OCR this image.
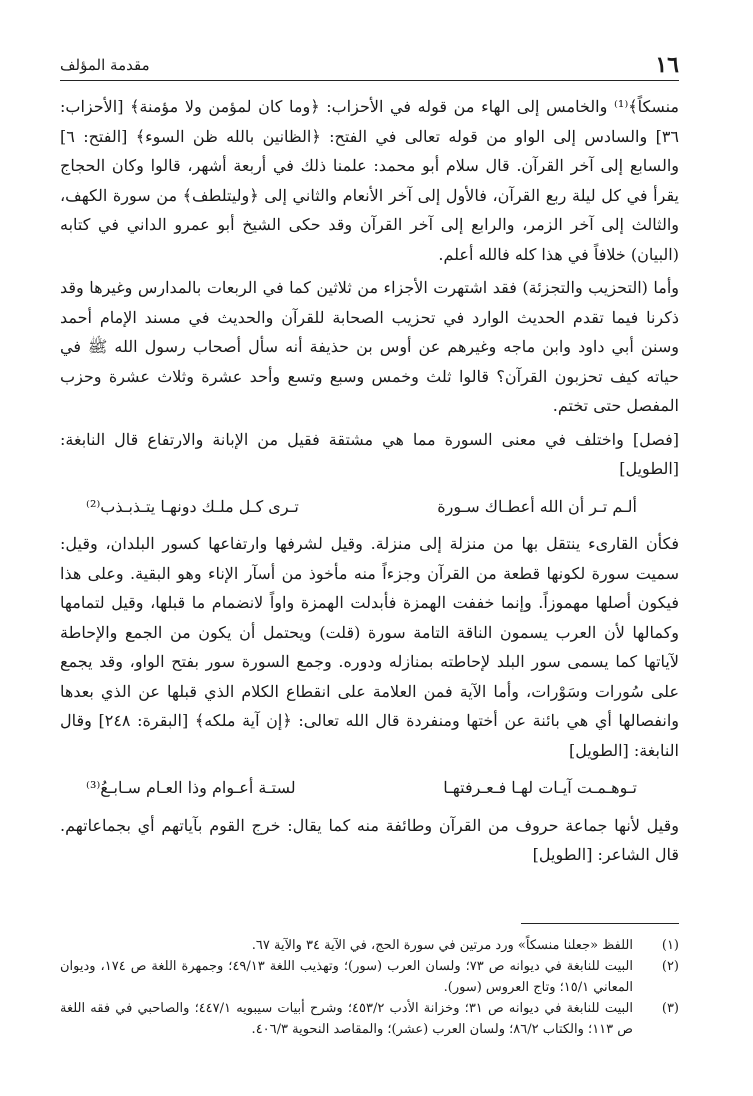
١٦
مقدمة المؤلف

منسكاً﴾⁽¹⁾ والخامس إلى الهاء من قوله في الأحزاب: ﴿وما كان لمؤمن ولا مؤمنة﴾ [الأحزاب: ٣٦] والسادس إلى الواو من قوله تعالى في الفتح: ﴿الظانين بالله ظن السوء﴾ [الفتح: ٦] والسابع إلى آخر القرآن. قال سلام أبو محمد: علمنا ذلك في أربعة أشهر، قالوا وكان الحجاج يقرأ في كل ليلة ربع القرآن، فالأول إلى آخر الأنعام والثاني إلى ﴿وليتلطف﴾ من سورة الكهف، والثالث إلى آخر الزمر، والرابع إلى آخر القرآن وقد حكى الشيخ أبو عمرو الداني في كتابه (البيان) خلافاً في هذا كله فالله أعلم.

وأما (التحزيب والتجزئة) فقد اشتهرت الأجزاء من ثلاثين كما في الربعات بالمدارس وغيرها وقد ذكرنا فيما تقدم الحديث الوارد في تحزيب الصحابة للقرآن والحديث في مسند الإمام أحمد وسنن أبي داود وابن ماجه وغيرهم عن أوس بن حذيفة أنه سأل أصحاب رسول الله ﷺ في حياته كيف تحزبون القرآن؟ قالوا ثلث وخمس وسبع وتسع وأحد عشرة وثلاث عشرة وحزب المفصل حتى تختم.

[فصل] واختلف في معنى السورة مما هي مشتقة فقيل من الإبانة والارتفاع قال النابغة: [الطويل]

ألـم تـر أن الله أعطـاك سـورة
تـرى كـل ملـك دونهـا يتـذبـذب⁽²⁾

فكأن القارىء ينتقل بها من منزلة إلى منزلة. وقيل لشرفها وارتفاعها كسور البلدان، وقيل: سميت سورة لكونها قطعة من القرآن وجزءاً منه مأخوذ من أسآر الإناء وهو البقية. وعلى هذا فيكون أصلها مهموزاً. وإنما خففت الهمزة فأبدلت الهمزة واواً لانضمام ما قبلها، وقيل لتمامها وكمالها لأن العرب يسمون الناقة التامة سورة (قلت) ويحتمل أن يكون من الجمع والإحاطة لآياتها كما يسمى سور البلد لإحاطته بمنازله ودوره. وجمع السورة سور بفتح الواو، وقد يجمع على سُورات وسَوْرات، وأما الآية فمن العلامة على انقطاع الكلام الذي قبلها عن الذي بعدها وانفصالها أي هي بائنة عن أختها ومنفردة قال الله تعالى: ﴿إن آية ملكه﴾ [البقرة: ٢٤٨] وقال النابغة: [الطويل]

تـوهـمـت آيـات لهـا فـعـرفتهـا
لستـة أعـوام وذا العـام سـابـعُ⁽³⁾

وقيل لأنها جماعة حروف من القرآن وطائفة منه كما يقال: خرج القوم بآياتهم أي بجماعاتهم. قال الشاعر: [الطويل]

(١)
اللفظ «جعلنا منسكاً» ورد مرتين في سورة الحج، في الآية ٣٤ والآية ٦٧.
(٢)
البيت للنابغة في ديوانه ص ٧٣؛ ولسان العرب (سور)؛ وتهذيب اللغة ٤٩/١٣؛ وجمهرة اللغة ص ١٧٤، وديوان المعاني ١٥/١؛ وتاج العروس (سور).
(٣)
البيت للنابغة في ديوانه ص ٣١؛ وخزانة الأدب ٤٥٣/٢؛ وشرح أبيات سيبويه ٤٤٧/١؛ والصاحبي في فقه اللغة ص ١١٣؛ والكتاب ٨٦/٢؛ ولسان العرب (عشر)؛ والمقاصد النحوية ٤٠٦/٣.
